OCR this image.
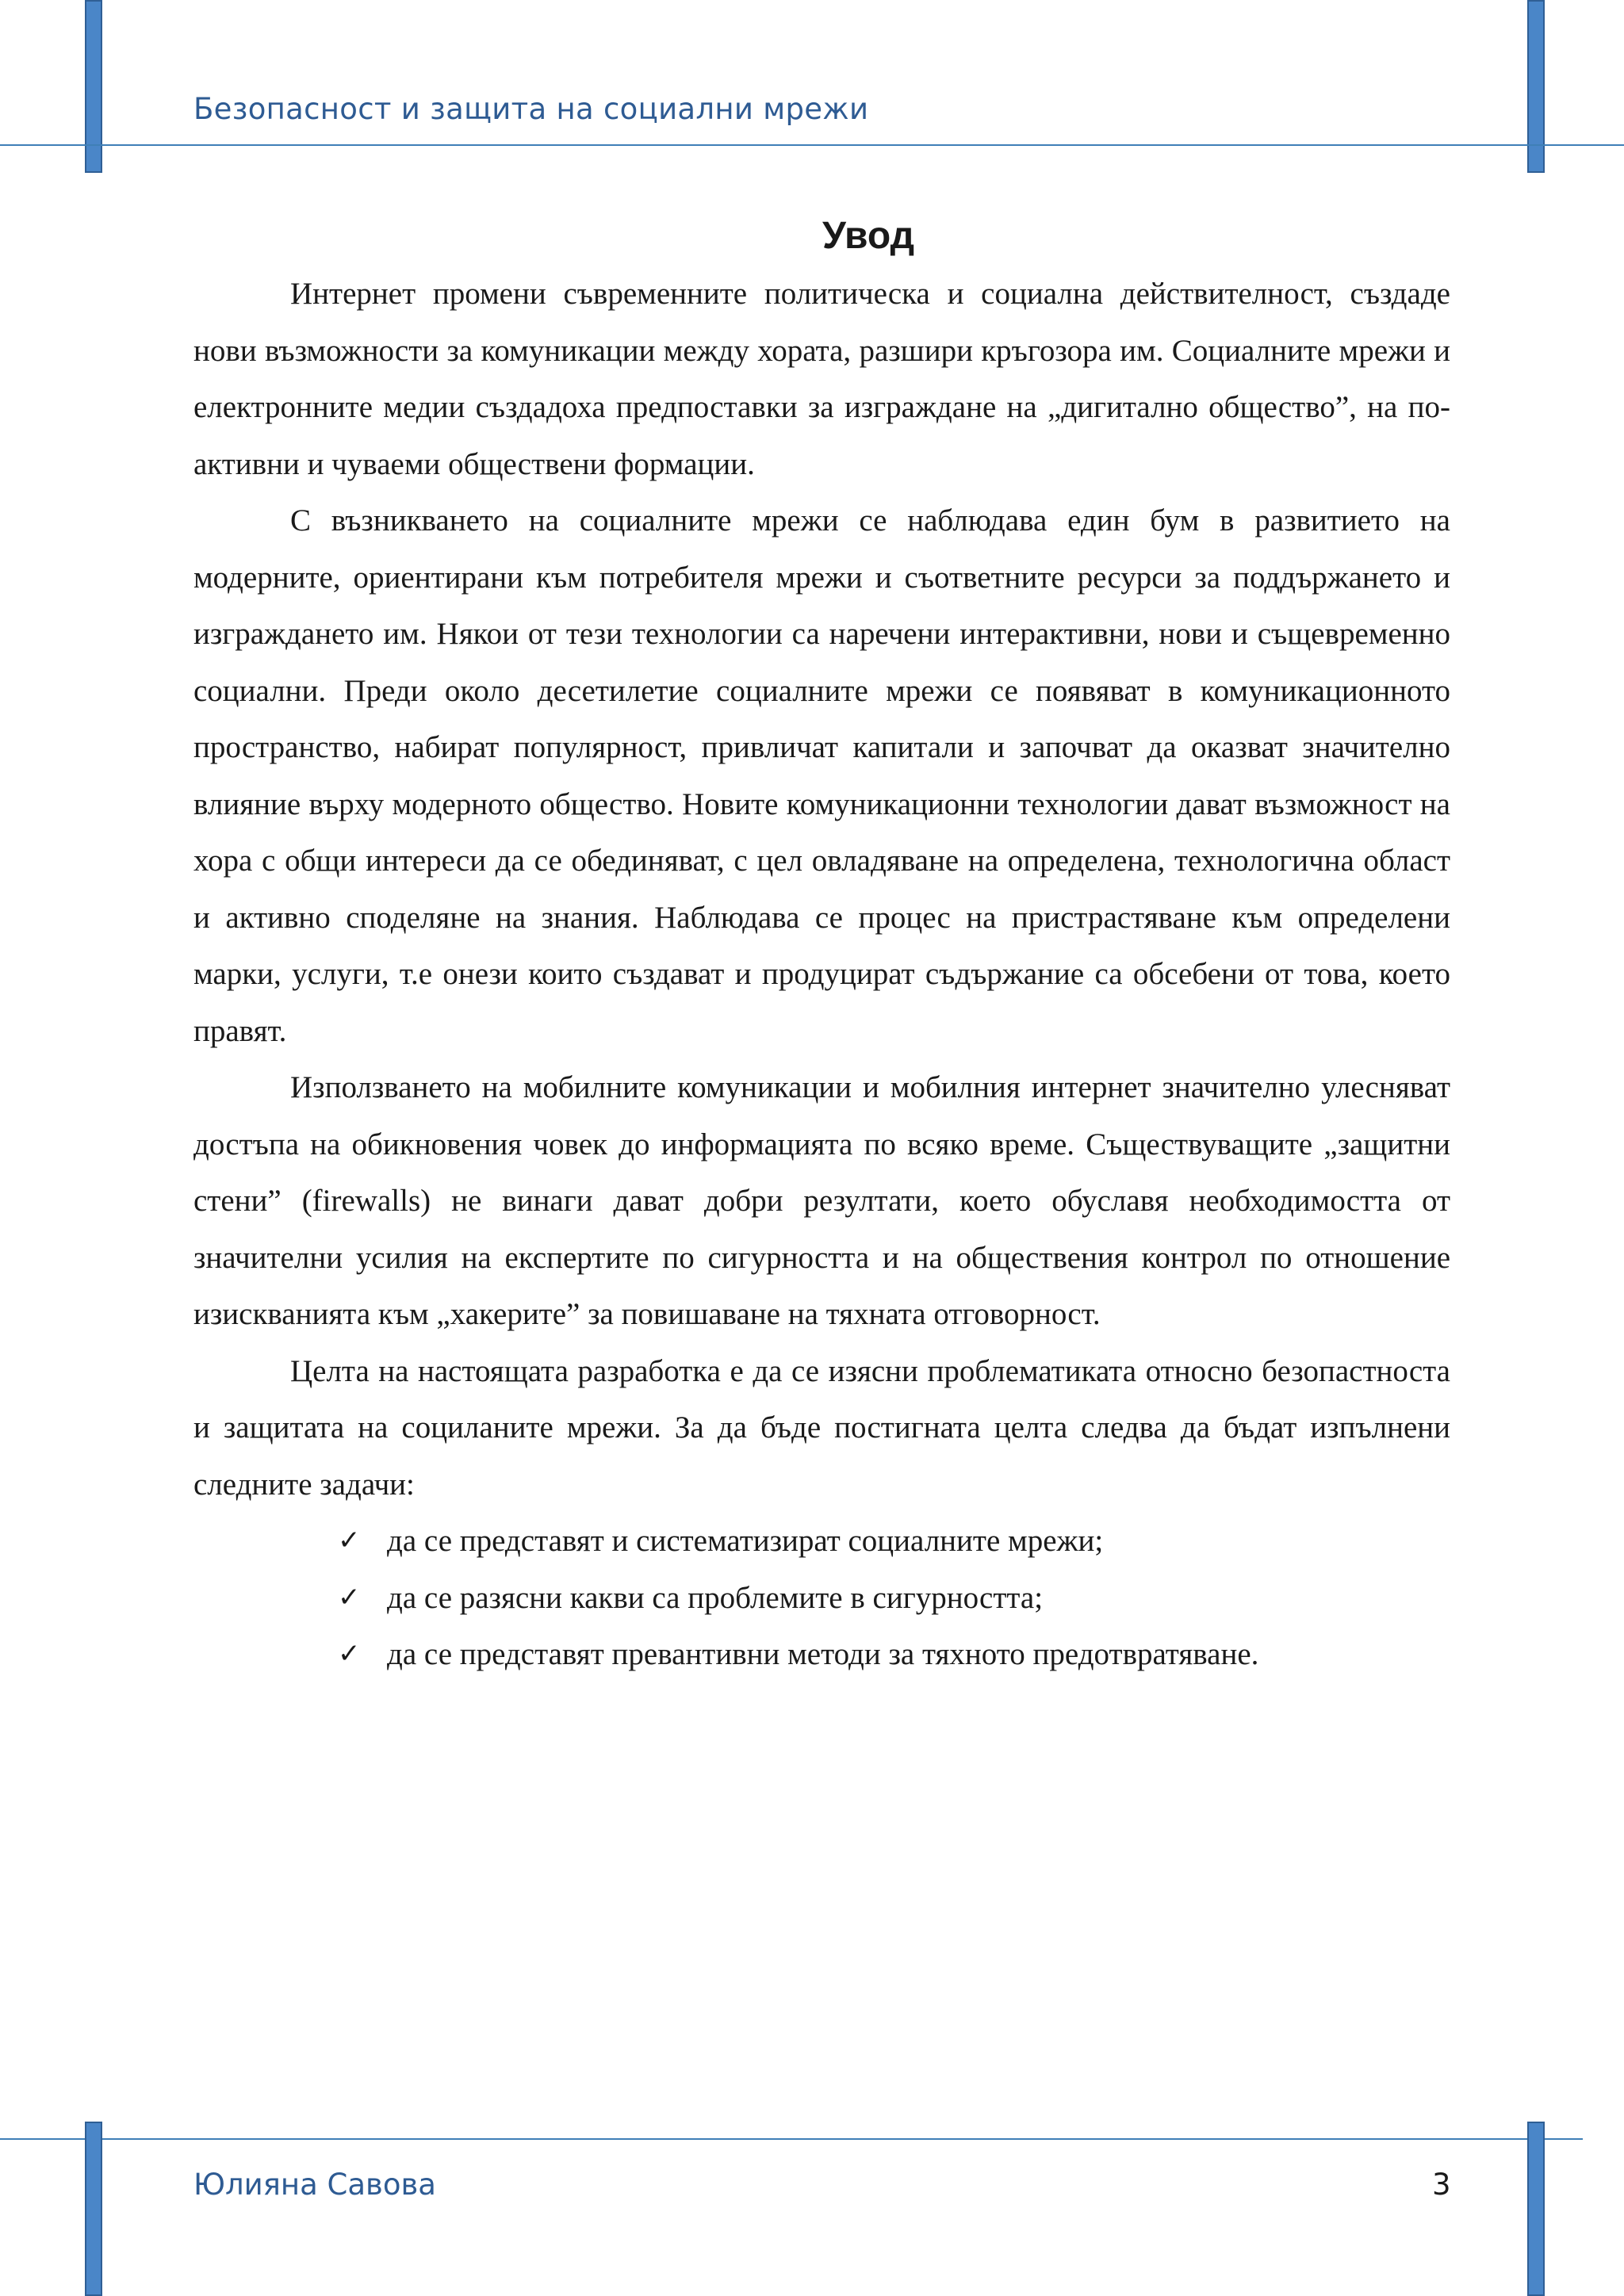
Безопасност и защита на социални мрежи
Увод

Интернет промени съвременните политическа и социална действителност, създаде нови възможности за комуникации между хората, разшири кръгозора им. Социалните мрежи и електронните медии създадоха предпоставки за изграждане на „дигитално общество”, на по-активни и чуваеми обществени формации.

С възникването на социалните мрежи се наблюдава един бум в развитието на модерните, ориентирани към потребителя мрежи и съответните ресурси за поддържането и изграждането им. Някои от тези технологии са наречени интерактивни, нови и същевременно социални. Преди около десетилетие социалните мрежи се появяват в комуникационното пространство, набират популярност, привличат капитали и започват да оказват значително влияние върху модерното общество. Новите комуникационни технологии дават възможност на хора с общи интереси да се обединяват, с цел овладяване на определена, технологична област и активно споделяне на знания. Наблюдава се процес на пристрастяване към определени марки, услуги, т.е онези които създават и продуцират съдържание са обсебени от това, което правят.

Използването на мобилните комуникации и мобилния интернет значително улесняват достъпа на обикновения човек до информацията по всяко време. Съществуващите „защитни стени” (firewalls) не винаги дават добри резултати, което обуславя необходимостта от значителни усилия на експертите по сигурността и на обществения контрол по отношение изискванията към „хакерите” за повишаване на тяхната отговорност.

Целта на настоящата разработка е да се изясни проблематиката относно безопастноста и защитата на социланите мрежи. За да бъде постигната целта следва да бъдат изпълнени следните задачи:

✓ да се представят и систематизират социалните мрежи;
✓ да се разясни какви са проблемите в сигурността;
✓ да се представят превантивни методи за тяхното предотвратяване.
Юлияна Савова	3
